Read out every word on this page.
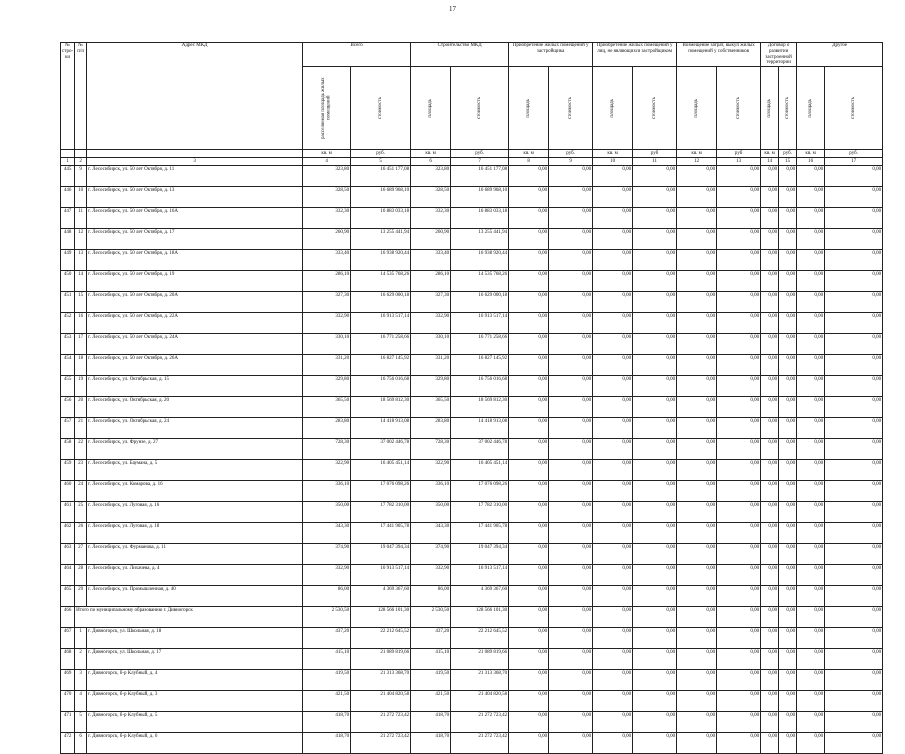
17
№ стро-ки	№ п/п	Адрес МКД	Всего		Строительство МКД		Приобретение жилых помещений у застройщика		Приобретение жилых помещений у лиц, не являющихся застройщиком		Возмещение затрат, выкуп жилых помещений у собственников		Договор о развитии застроенной территории		Другое	

			расселяемая площадь жилых помещений	стоимость	площадь	стоимость	площадь	стоимость	площадь	стоимость	площадь	стоимость	площадь	стоимость	площадь	стоимость

			кв. м	руб.	кв. м	руб.	кв. м	руб.	кв. м	руб	кв. м	руб	кв. м	руб.	кв. м	руб.
1	2	3	4	5	6	7	8	9	10	11	12	13	14	15	16	17
445	9	г. Лесосибирск, ул. 50 лет Октября, д. 11	323,80	16 451 177,08	323,80	16 451 177,08	0,00	0,00	0,00	0,00	0,00	0,00	0,00	0,00	0,00	0,00
446	10	г. Лесосибирск, ул. 50 лет Октября, д. 13	328,50	16 689 968,10	328,50	16 689 968,10	0,00	0,00	0,00	0,00	0,00	0,00	0,00	0,00	0,00	0,00
447	11	г. Лесосибирск, ул. 50 лет Октября, д. 16А	332,30	16 883 033,18	332,30	16 883 033,18	0,00	0,00	0,00	0,00	0,00	0,00	0,00	0,00	0,00	0,00
448	12	г. Лесосибирск, ул. 50 лет Октября, д. 17	260,90	13 255 441,94	260,90	13 255 441,94	0,00	0,00	0,00	0,00	0,00	0,00	0,00	0,00	0,00	0,00
449	13	г. Лесосибирск, ул. 50 лет Октября, д. 18А	333,40	16 938 920,44	333,40	16 938 920,44	0,00	0,00	0,00	0,00	0,00	0,00	0,00	0,00	0,00	0,00
450	14	г. Лесосибирск, ул. 50 лет Октября, д. 19	286,10	14 535 768,26	286,10	14 535 768,26	0,00	0,00	0,00	0,00	0,00	0,00	0,00	0,00	0,00	0,00
451	15	г. Лесосибирск, ул. 50 лет Октября, д. 20А	327,30	16 629 000,18	327,30	16 629 000,18	0,00	0,00	0,00	0,00	0,00	0,00	0,00	0,00	0,00	0,00
452	16	г. Лесосибирск, ул. 50 лет Октября, д. 22А	332,90	16 913 517,14	332,90	16 913 517,14	0,00	0,00	0,00	0,00	0,00	0,00	0,00	0,00	0,00	0,00
453	17	г. Лесосибирск, ул. 50 лет Октября, д. 24А	330,10	16 771 258,66	330,10	16 771 258,66	0,00	0,00	0,00	0,00	0,00	0,00	0,00	0,00	0,00	0,00
454	18	г. Лесосибирск, ул. 50 лет Октября, д. 26А	331,20	16 827 145,92	331,20	16 827 145,92	0,00	0,00	0,00	0,00	0,00	0,00	0,00	0,00	0,00	0,00
455	19	г. Лесосибирск, ул. Октябрьская, д. 15	329,80	16 756 016,68	329,80	16 756 016,68	0,00	0,00	0,00	0,00	0,00	0,00	0,00	0,00	0,00	0,00
456	20	г. Лесосибирск, ул. Октябрьская, д. 20	365,50	18 569 812,30	365,50	18 569 812,30	0,00	0,00	0,00	0,00	0,00	0,00	0,00	0,00	0,00	0,00
457	21	г. Лесосибирск, ул. Октябрьская, д. 24	283,80	14 418 913,08	283,80	14 418 913,08	0,00	0,00	0,00	0,00	0,00	0,00	0,00	0,00	0,00	0,00
458	22	г. Лесосибирск, ул. Фрунзе, д. 27	728,30	37 002 446,78	728,30	37 002 446,78	0,00	0,00	0,00	0,00	0,00	0,00	0,00	0,00	0,00	0,00
459	23	г. Лесосибирск, ул. Бауманa, д. 5	322,90	16 405 451,14	322,90	16 405 451,14	0,00	0,00	0,00	0,00	0,00	0,00	0,00	0,00	0,00	0,00
460	24	г. Лесосибирск, ул. Комарова, д. 16	336,10	17 076 098,26	336,10	17 076 098,26	0,00	0,00	0,00	0,00	0,00	0,00	0,00	0,00	0,00	0,00
461	25	г. Лесосибирск, ул. Луговая, д. 16	350,00	17 782 310,00	350,00	17 782 310,00	0,00	0,00	0,00	0,00	0,00	0,00	0,00	0,00	0,00	0,00
462	26	г. Лесосибирск, ул. Луговая, д. 18	343,30	17 441 905,78	343,30	17 441 905,78	0,00	0,00	0,00	0,00	0,00	0,00	0,00	0,00	0,00	0,00
463	27	г. Лесосибирск, ул. Фурманова, д. 11	374,90	19 047 394,34	374,90	19 047 394,34	0,00	0,00	0,00	0,00	0,00	0,00	0,00	0,00	0,00	0,00
464	28	г. Лесосибирск, ул. Лихачева, д. 4	332,90	16 913 517,14	332,90	16 913 517,14	0,00	0,00	0,00	0,00	0,00	0,00	0,00	0,00	0,00	0,00
465	29	г. Лесосибирск, ул. Промышленная, д. 40	86,00	4 369 367,60	86,00	4 369 367,60	0,00	0,00	0,00	0,00	0,00	0,00	0,00	0,00	0,00	0,00
466	Итого по муниципальному образованию г. Дивногорск		2 530,50	128 566 101,30	2 530,50	128 566 101,30	0,00	0,00	0,00	0,00	0,00	0,00	0,00	0,00	0,00	0,00
467	1	г. Дивногорск, ул. Школьная, д. 18	437,20	22 212 645,52	437,20	22 212 645,52	0,00	0,00	0,00	0,00	0,00	0,00	0,00	0,00	0,00	0,00
468	2	г. Дивногорск, ул. Школьная, д. 17	415,10	21 089 819,66	415,10	21 089 819,66	0,00	0,00	0,00	0,00	0,00	0,00	0,00	0,00	0,00	0,00
469	3	г. Дивногорск, б-р Клубный, д. 4	419,50	21 313 368,70	419,50	21 313 368,70	0,00	0,00	0,00	0,00	0,00	0,00	0,00	0,00	0,00	0,00
470	4	г. Дивногорск, б-р Клубный, д. 3	421,50	21 404 820,58	421,50	21 404 820,58	0,00	0,00	0,00	0,00	0,00	0,00	0,00	0,00	0,00	0,00
471	5	г. Дивногорск, б-р Клубный, д. 5	418,70	21 272 723,42	418,70	21 272 723,42	0,00	0,00	0,00	0,00	0,00	0,00	0,00	0,00	0,00	0,00
472	6	г. Дивногорск, б-р Клубный, д. 6	418,70	21 272 723,42	418,70	21 272 723,42	0,00	0,00	0,00	0,00	0,00	0,00	0,00	0,00	0,00	0,00
